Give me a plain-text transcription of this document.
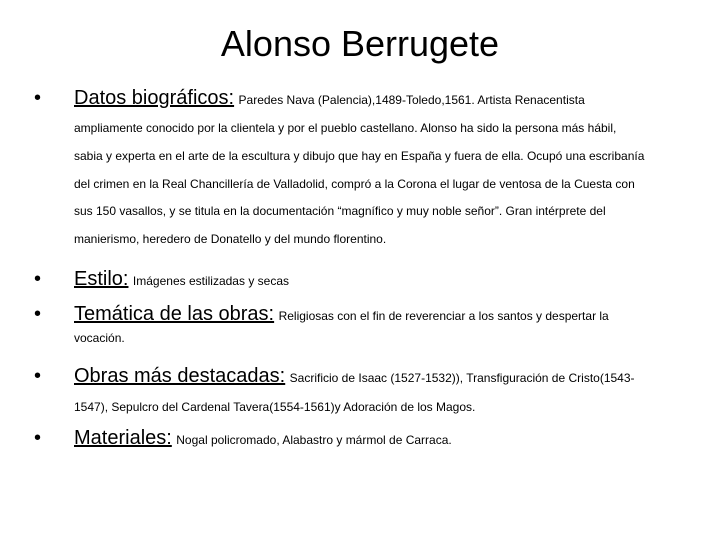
Alonso Berrugete
• Datos biográficos: Paredes Nava (Palencia),1489-Toledo,1561. Artista Renacentista
ampliamente conocido por la clientela y por el pueblo castellano. Alonso ha sido la persona más hábil,
sabia y experta en el arte de la escultura y dibujo que hay en España y fuera de ella. Ocupó una escribanía
del crimen en la Real Chancillería de Valladolid, compró a la Corona el lugar de ventosa de la Cuesta con
sus 150 vasallos, y se titula en la documentación “magnífico y muy noble señor”. Gran intérprete del
manierismo, heredero de Donatello y del mundo florentino.
• Estilo: Imágenes estilizadas y secas
• Temática de las obras: Religiosas con el fin de reverenciar a los santos y despertar la
vocación.
• Obras más destacadas: Sacrificio de Isaac (1527-1532)), Transfiguración de Cristo(1543-
1547), Sepulcro del Cardenal Tavera(1554-1561)y Adoración de los Magos.
• Materiales: Nogal policromado, Alabastro y mármol de Carraca.
